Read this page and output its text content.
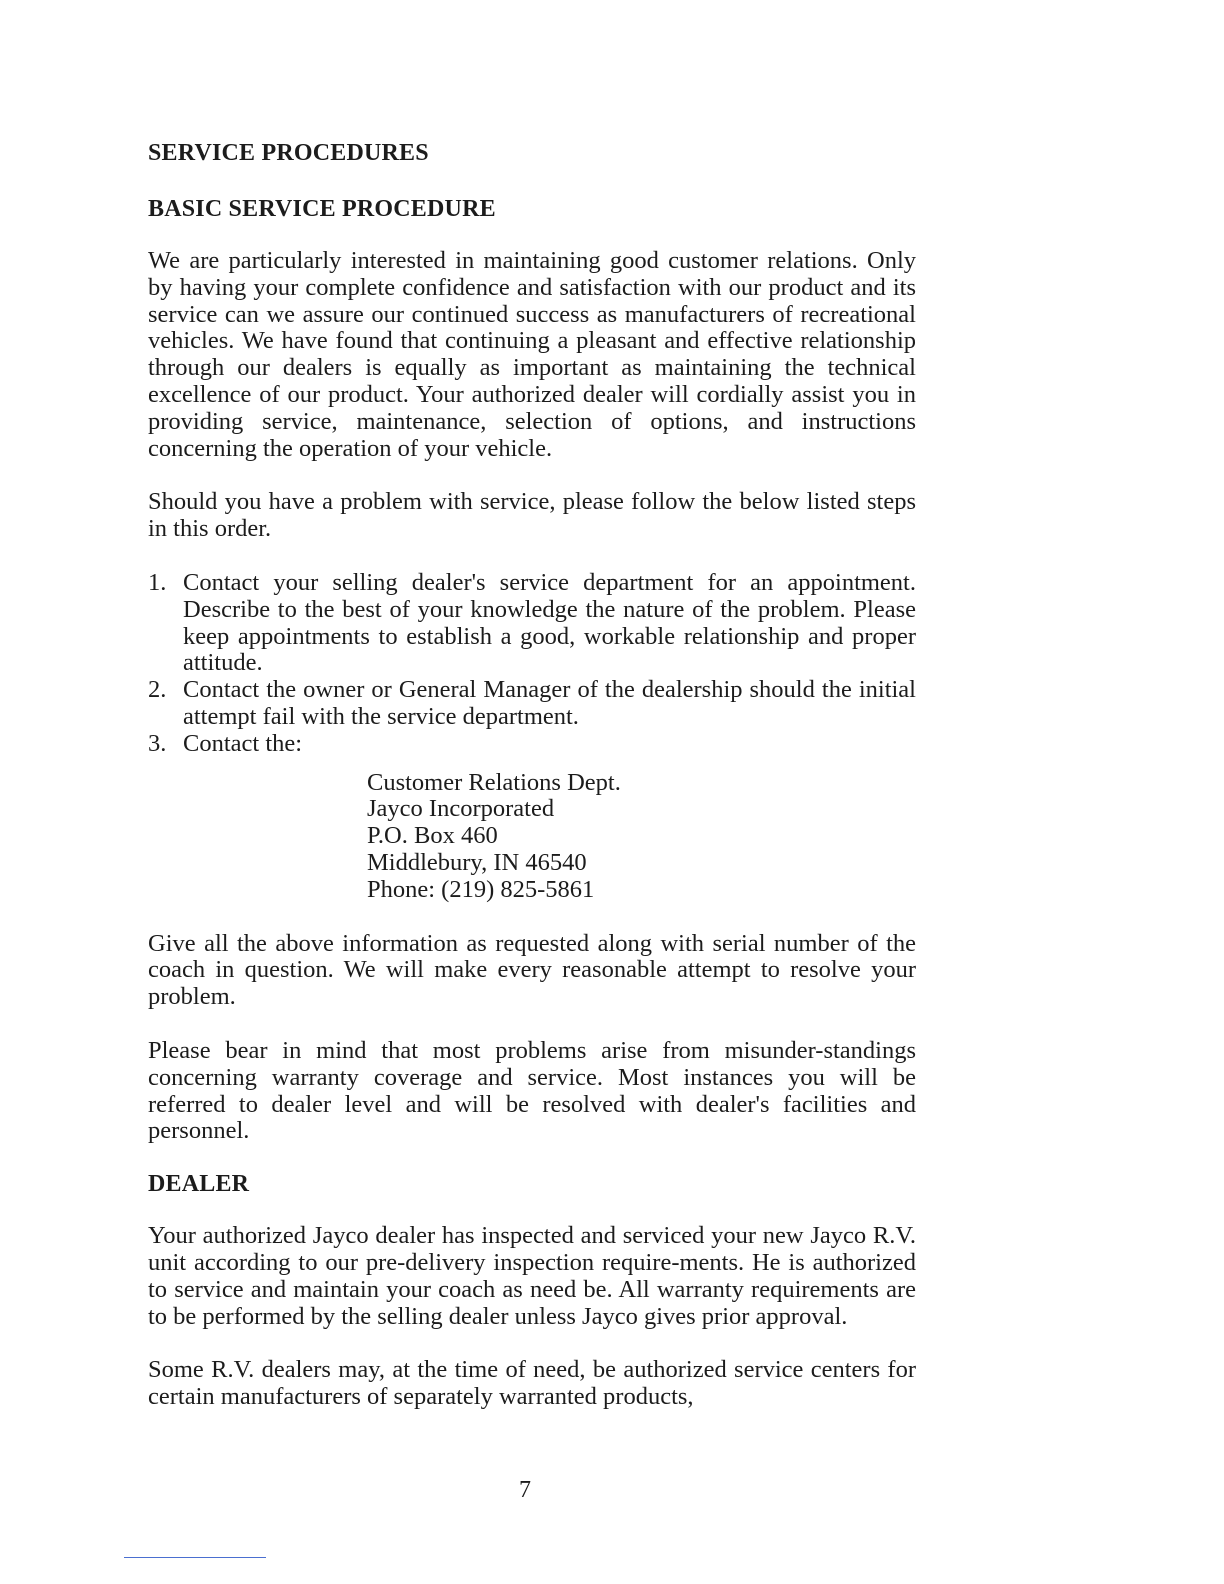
SERVICE PROCEDURES
BASIC SERVICE PROCEDURE

We are particularly interested in maintaining good customer relations. Only by having your complete confidence and satisfaction with our product and its service can we assure our continued success as manufacturers of recreational vehicles. We have found that continuing a pleasant and effective relationship through our dealers is equally as important as maintaining the technical excellence of our product. Your authorized dealer will cordially assist you in providing service, maintenance, selection of options, and instructions concerning the operation of your vehicle.

Should you have a problem with service, please follow the below listed steps in this order.

1. Contact your selling dealer's service department for an appointment. Describe to the best of your knowledge the nature of the problem. Please keep appointments to establish a good, workable relationship and proper attitude.
2. Contact the owner or General Manager of the dealership should the initial attempt fail with the service department.
3. Contact the:
Customer Relations Dept.
Jayco Incorporated
P.O. Box 460
Middlebury, IN 46540
Phone: (219) 825-5861

Give all the above information as requested along with serial number of the coach in question. We will make every reasonable attempt to resolve your problem.

Please bear in mind that most problems arise from misunder-standings concerning warranty coverage and service. Most instances you will be referred to dealer level and will be resolved with dealer's facilities and personnel.

DEALER

Your authorized Jayco dealer has inspected and serviced your new Jayco R.V. unit according to our pre-delivery inspection require-ments. He is authorized to service and maintain your coach as need be. All warranty requirements are to be performed by the selling dealer unless Jayco gives prior approval.

Some R.V. dealers may, at the time of need, be authorized service centers for certain manufacturers of separately warranted products,

7
